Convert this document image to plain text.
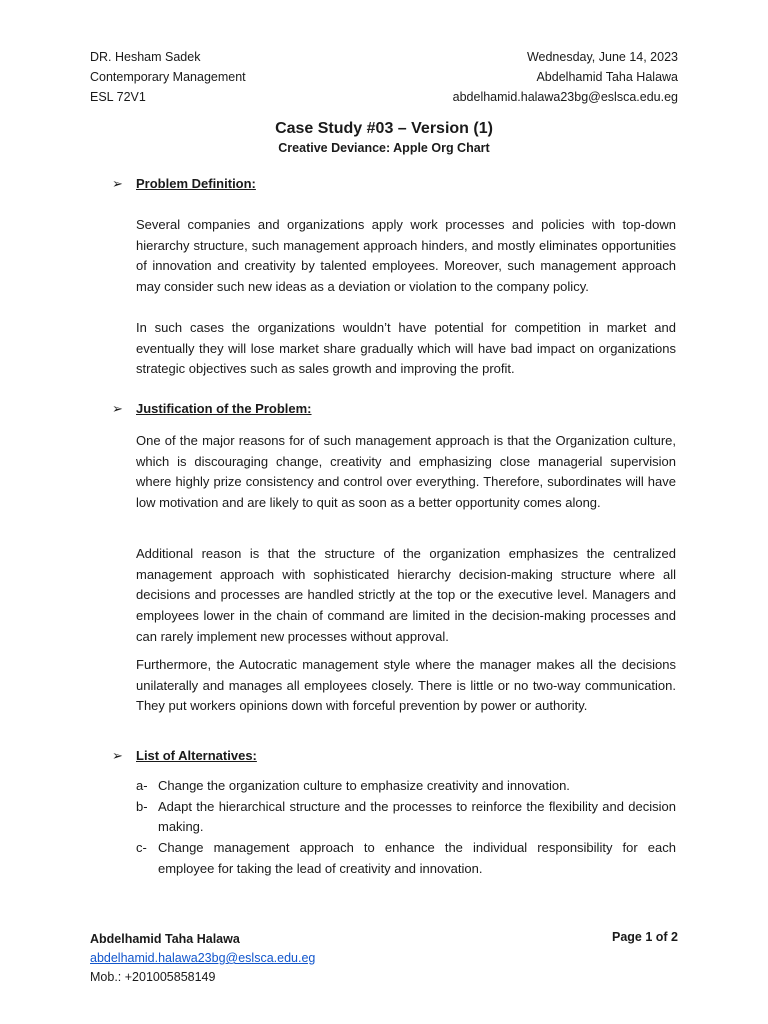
DR. Hesham Sadek
Contemporary Management
ESL 72V1
Wednesday, June 14, 2023
Abdelhamid Taha Halawa
abdelhamid.halawa23bg@eslsca.edu.eg
Case Study #03 – Version (1)
Creative Deviance: Apple Org Chart
➢ Problem Definition:
Several companies and organizations apply work processes and policies with top-down hierarchy structure, such management approach hinders, and mostly eliminates opportunities of innovation and creativity by talented employees. Moreover, such management approach may consider such new ideas as a deviation or violation to the company policy.
In such cases the organizations wouldn’t have potential for competition in market and eventually they will lose market share gradually which will have bad impact on organizations strategic objectives such as sales growth and improving the profit.
➢ Justification of the Problem:
One of the major reasons for of such management approach is that the Organization culture, which is discouraging change, creativity and emphasizing close managerial supervision where highly prize consistency and control over everything. Therefore, subordinates will have low motivation and are likely to quit as soon as a better opportunity comes along.
Additional reason is that the structure of the organization emphasizes the centralized management approach with sophisticated hierarchy decision-making structure where all decisions and processes are handled strictly at the top or the executive level. Managers and employees lower in the chain of command are limited in the decision-making processes and can rarely implement new processes without approval.
Furthermore, the Autocratic management style where the manager makes all the decisions unilaterally and manages all employees closely. There is little or no two-way communication. They put workers opinions down with forceful prevention by power or authority.
➢ List of Alternatives:
a- Change the organization culture to emphasize creativity and innovation.
b- Adapt the hierarchical structure and the processes to reinforce the flexibility and decision making.
c- Change management approach to enhance the individual responsibility for each employee for taking the lead of creativity and innovation.
Abdelhamid Taha Halawa
abdelhamid.halawa23bg@eslsca.edu.eg
Mob.: +201005858149
Page 1 of 2
